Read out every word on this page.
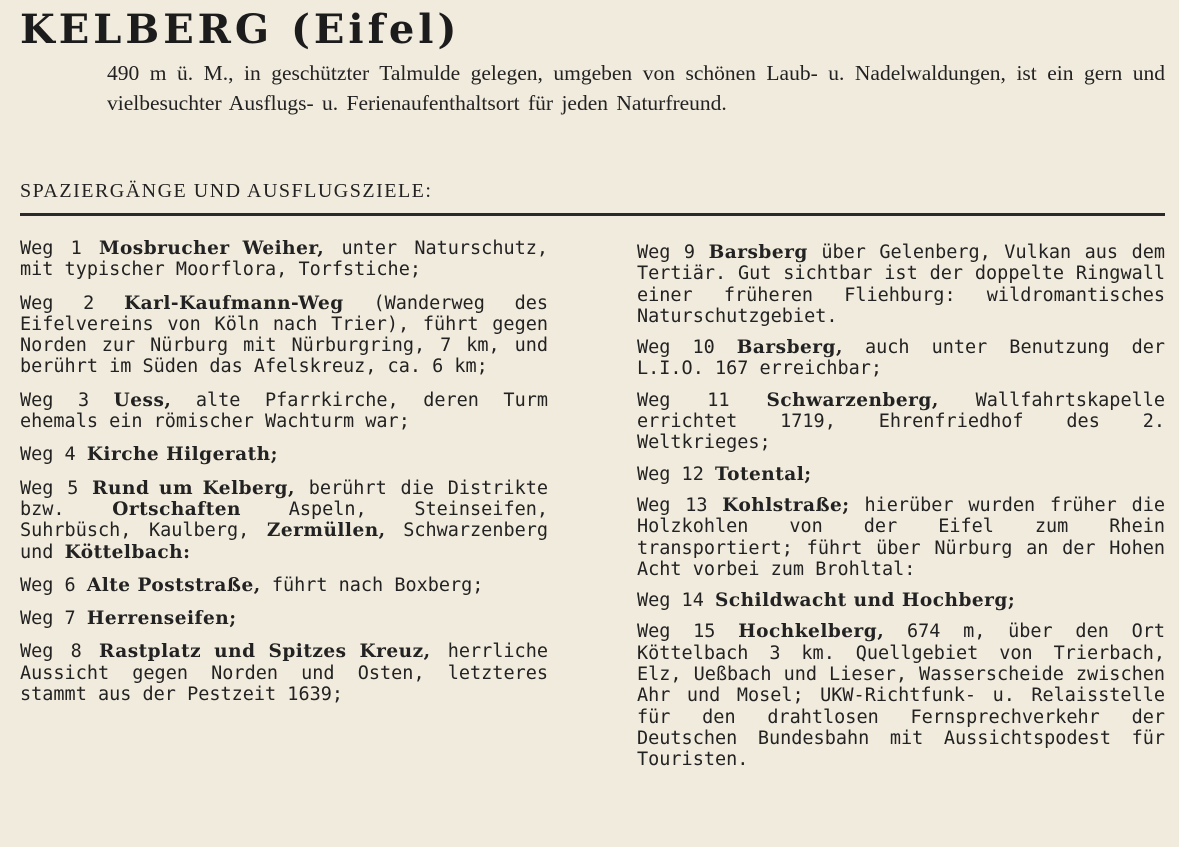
KELBERG (Eifel)
490 m ü. M., in geschützter Talmulde gelegen, umgeben von schönen Laub- u. Nadelwaldungen, ist ein gern und vielbesuchter Ausflugs- u. Ferienaufenthaltsort für jeden Naturfreund.
SPAZIERGÄNGE UND AUSFLUGSZIELE:

Weg 1 Mosbrucher Weiher, unter Naturschutz, mit typischer Moorflora, Torfstiche;

Weg 2 Karl-Kaufmann-Weg (Wanderweg des Eifelvereins von Köln nach Trier), führt gegen Norden zur Nürburg mit Nürburgring, 7 km, und berührt im Süden das Afelskreuz, ca. 6 km;

Weg 3 Uess, alte Pfarrkirche, deren Turm ehemals ein römischer Wachturm war;

Weg 4 Kirche Hilgerath;

Weg 5 Rund um Kelberg, berührt die Distrikte bzw.	Ortschaften	Aspeln, Steinseifen, Suhrbüsch, Kaulberg, Zermüllen, Schwarzenberg und Köttelbach:

Weg 6 Alte Poststraße, führt nach Boxberg;

Weg 7 Herrenseifen;

Weg 8 Rastplatz und Spitzes Kreuz, herrliche Aussicht gegen Norden und Osten, letzteres stammt aus der Pestzeit 1639;

Weg 9 Barsberg über Gelenberg, Vulkan aus dem Tertiär. Gut sichtbar ist der doppelte Ringwall einer früheren Fliehburg: wildromantisches Naturschutzgebiet.

Weg 10 Barsberg, auch unter Benutzung der L.I.O. 167 erreichbar;

Weg 11 Schwarzenberg, Wallfahrtskapelle errichtet 1719, Ehrenfriedhof des 2. Weltkrieges;

Weg 12 Totental;

Weg 13 Kohlstraße; hierüber wurden früher die Holzkohlen von der Eifel zum Rhein transportiert; führt über Nürburg an der Hohen Acht vorbei zum Brohltal:

Weg 14 Schildwacht und Hochberg;

Weg 15 Hochkelberg, 674 m, über den Ort Köttelbach 3 km. Quellgebiet von Trierbach, Elz, Ueßbach und Lieser, Wasserscheide zwischen Ahr und Mosel; UKW-Richtfunk- u. Relaisstelle für den drahtlosen Fernsprechverkehr der Deutschen Bundesbahn mit Aussichtspodest für Touristen.
